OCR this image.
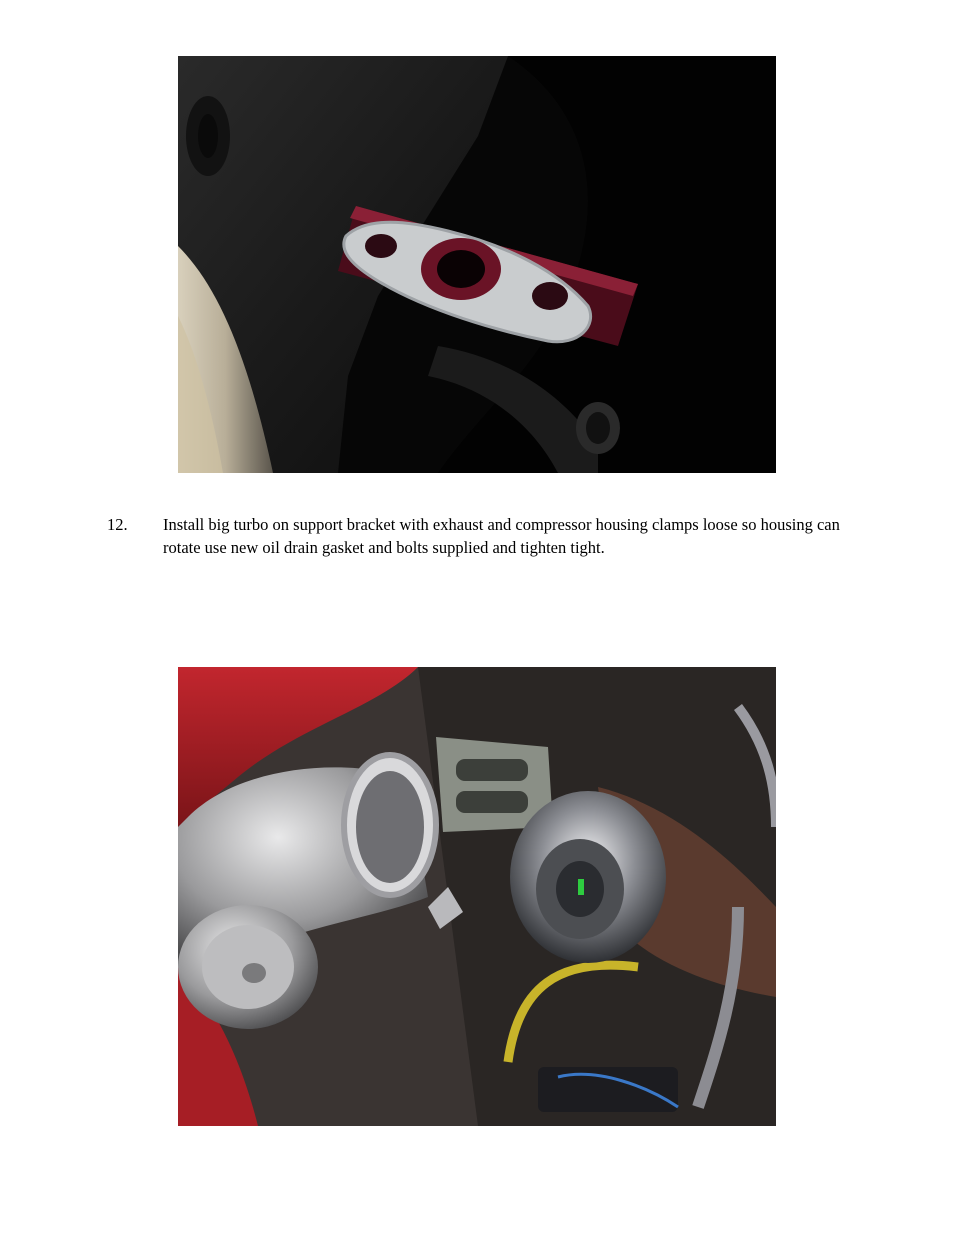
12. Install big turbo on support bracket with exhaust and compressor housing clamps loose so housing can rotate use new oil drain gasket and bolts supplied and tighten tight.
